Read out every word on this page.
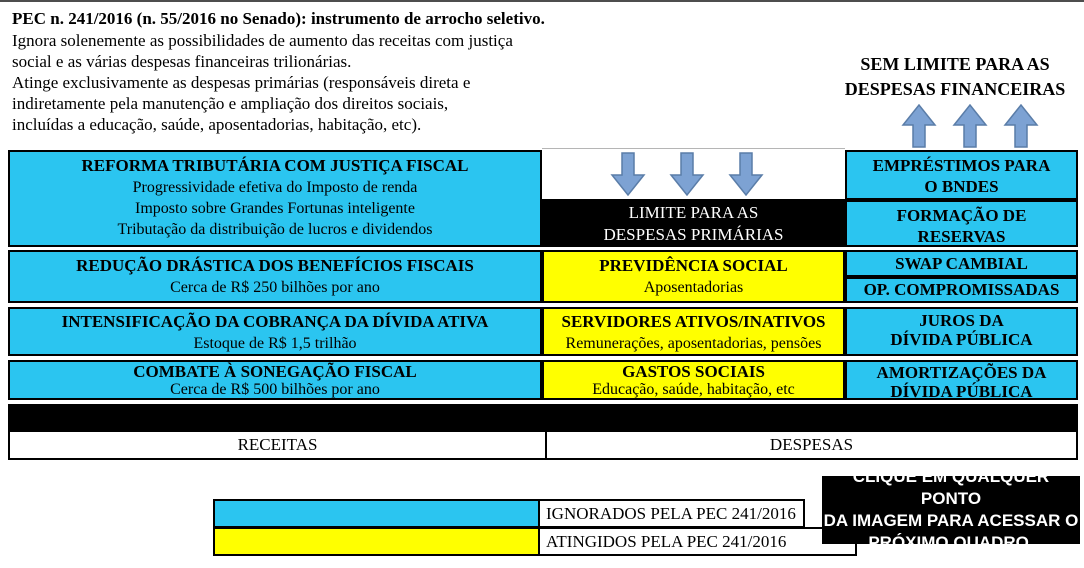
PEC n. 241/2016 (n. 55/2016 no Senado): instrumento de arrocho seletivo.
Ignora solenemente as possibilidades de aumento das receitas com justiça
social e as várias despesas financeiras trilionárias.
Atinge exclusivamente as despesas primárias (responsáveis direta e
indiretamente pela manutenção e ampliação dos direitos sociais,
incluídas a educação, saúde, aposentadorias, habitação, etc).
SEM LIMITE PARA AS
DESPESAS FINANCEIRAS
REFORMA TRIBUTÁRIA COM JUSTIÇA FISCAL
Progressividade efetiva do Imposto de renda
Imposto sobre Grandes Fortunas inteligente
Tributação da distribuição de lucros e dividendos
REDUÇÃO DRÁSTICA DOS BENEFÍCIOS FISCAIS
Cerca de R$ 250 bilhões por ano
INTENSIFICAÇÃO DA COBRANÇA DA DÍVIDA ATIVA
Estoque de R$ 1,5 trilhão
COMBATE À SONEGAÇÃO FISCAL
Cerca de R$ 500 bilhões por ano
LIMITE PARA AS
DESPESAS PRIMÁRIAS
PREVIDÊNCIA SOCIAL
Aposentadorias
SERVIDORES ATIVOS/INATIVOS
Remunerações, aposentadorias, pensões
GASTOS SOCIAIS
Educação, saúde, habitação, etc
EMPRÉSTIMOS PARA
O BNDES
FORMAÇÃO DE
RESERVAS
SWAP CAMBIAL
OP. COMPROMISSADAS
JUROS DA
DÍVIDA PÚBLICA
AMORTIZAÇÕES DA
DÍVIDA PÚBLICA
RECEITAS	DESPESAS
IGNORADOS PELA PEC 241/2016
ATINGIDOS PELA PEC 241/2016
CLIQUE EM QUALQUER PONTO
DA IMAGEM PARA ACESSAR O
PRÓXIMO QUADRO.
